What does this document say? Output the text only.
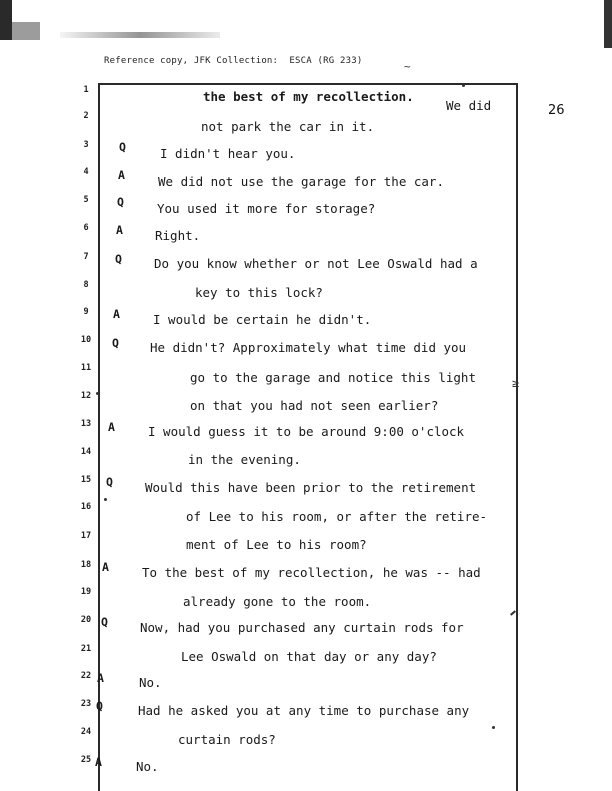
Reference copy, JFK Collection:  ESCA (RG 233)	~
26
1
2
3
4
5
6
7
8
9
10
11
12
13
14
15
16
17
18
19
20
21
22
23
24
25
Q
A
Q
A
Q
A
Q
A
Q
A
Q
A
Q
A
the best of my recollection.
We did
not park the car in it.
I didn't hear you.
We did not use the garage for the car.
You used it more for storage?
Right.
Do you know whether or not Lee Oswald had a
key to this lock?
I would be certain he didn't.
He didn't? Approximately what time did you
go to the garage and notice this light
on that you had not seen earlier?
I would guess it to be around 9:00 o'clock
in the evening.
Would this have been prior to the retirement
of Lee to his room, or after the retire-
ment of Lee to his room?
To the best of my recollection, he was -- had
already gone to the room.
Now, had you purchased any curtain rods for
Lee Oswald on that day or any day?
No.
Had he asked you at any time to purchase any
curtain rods?
No.
≥
